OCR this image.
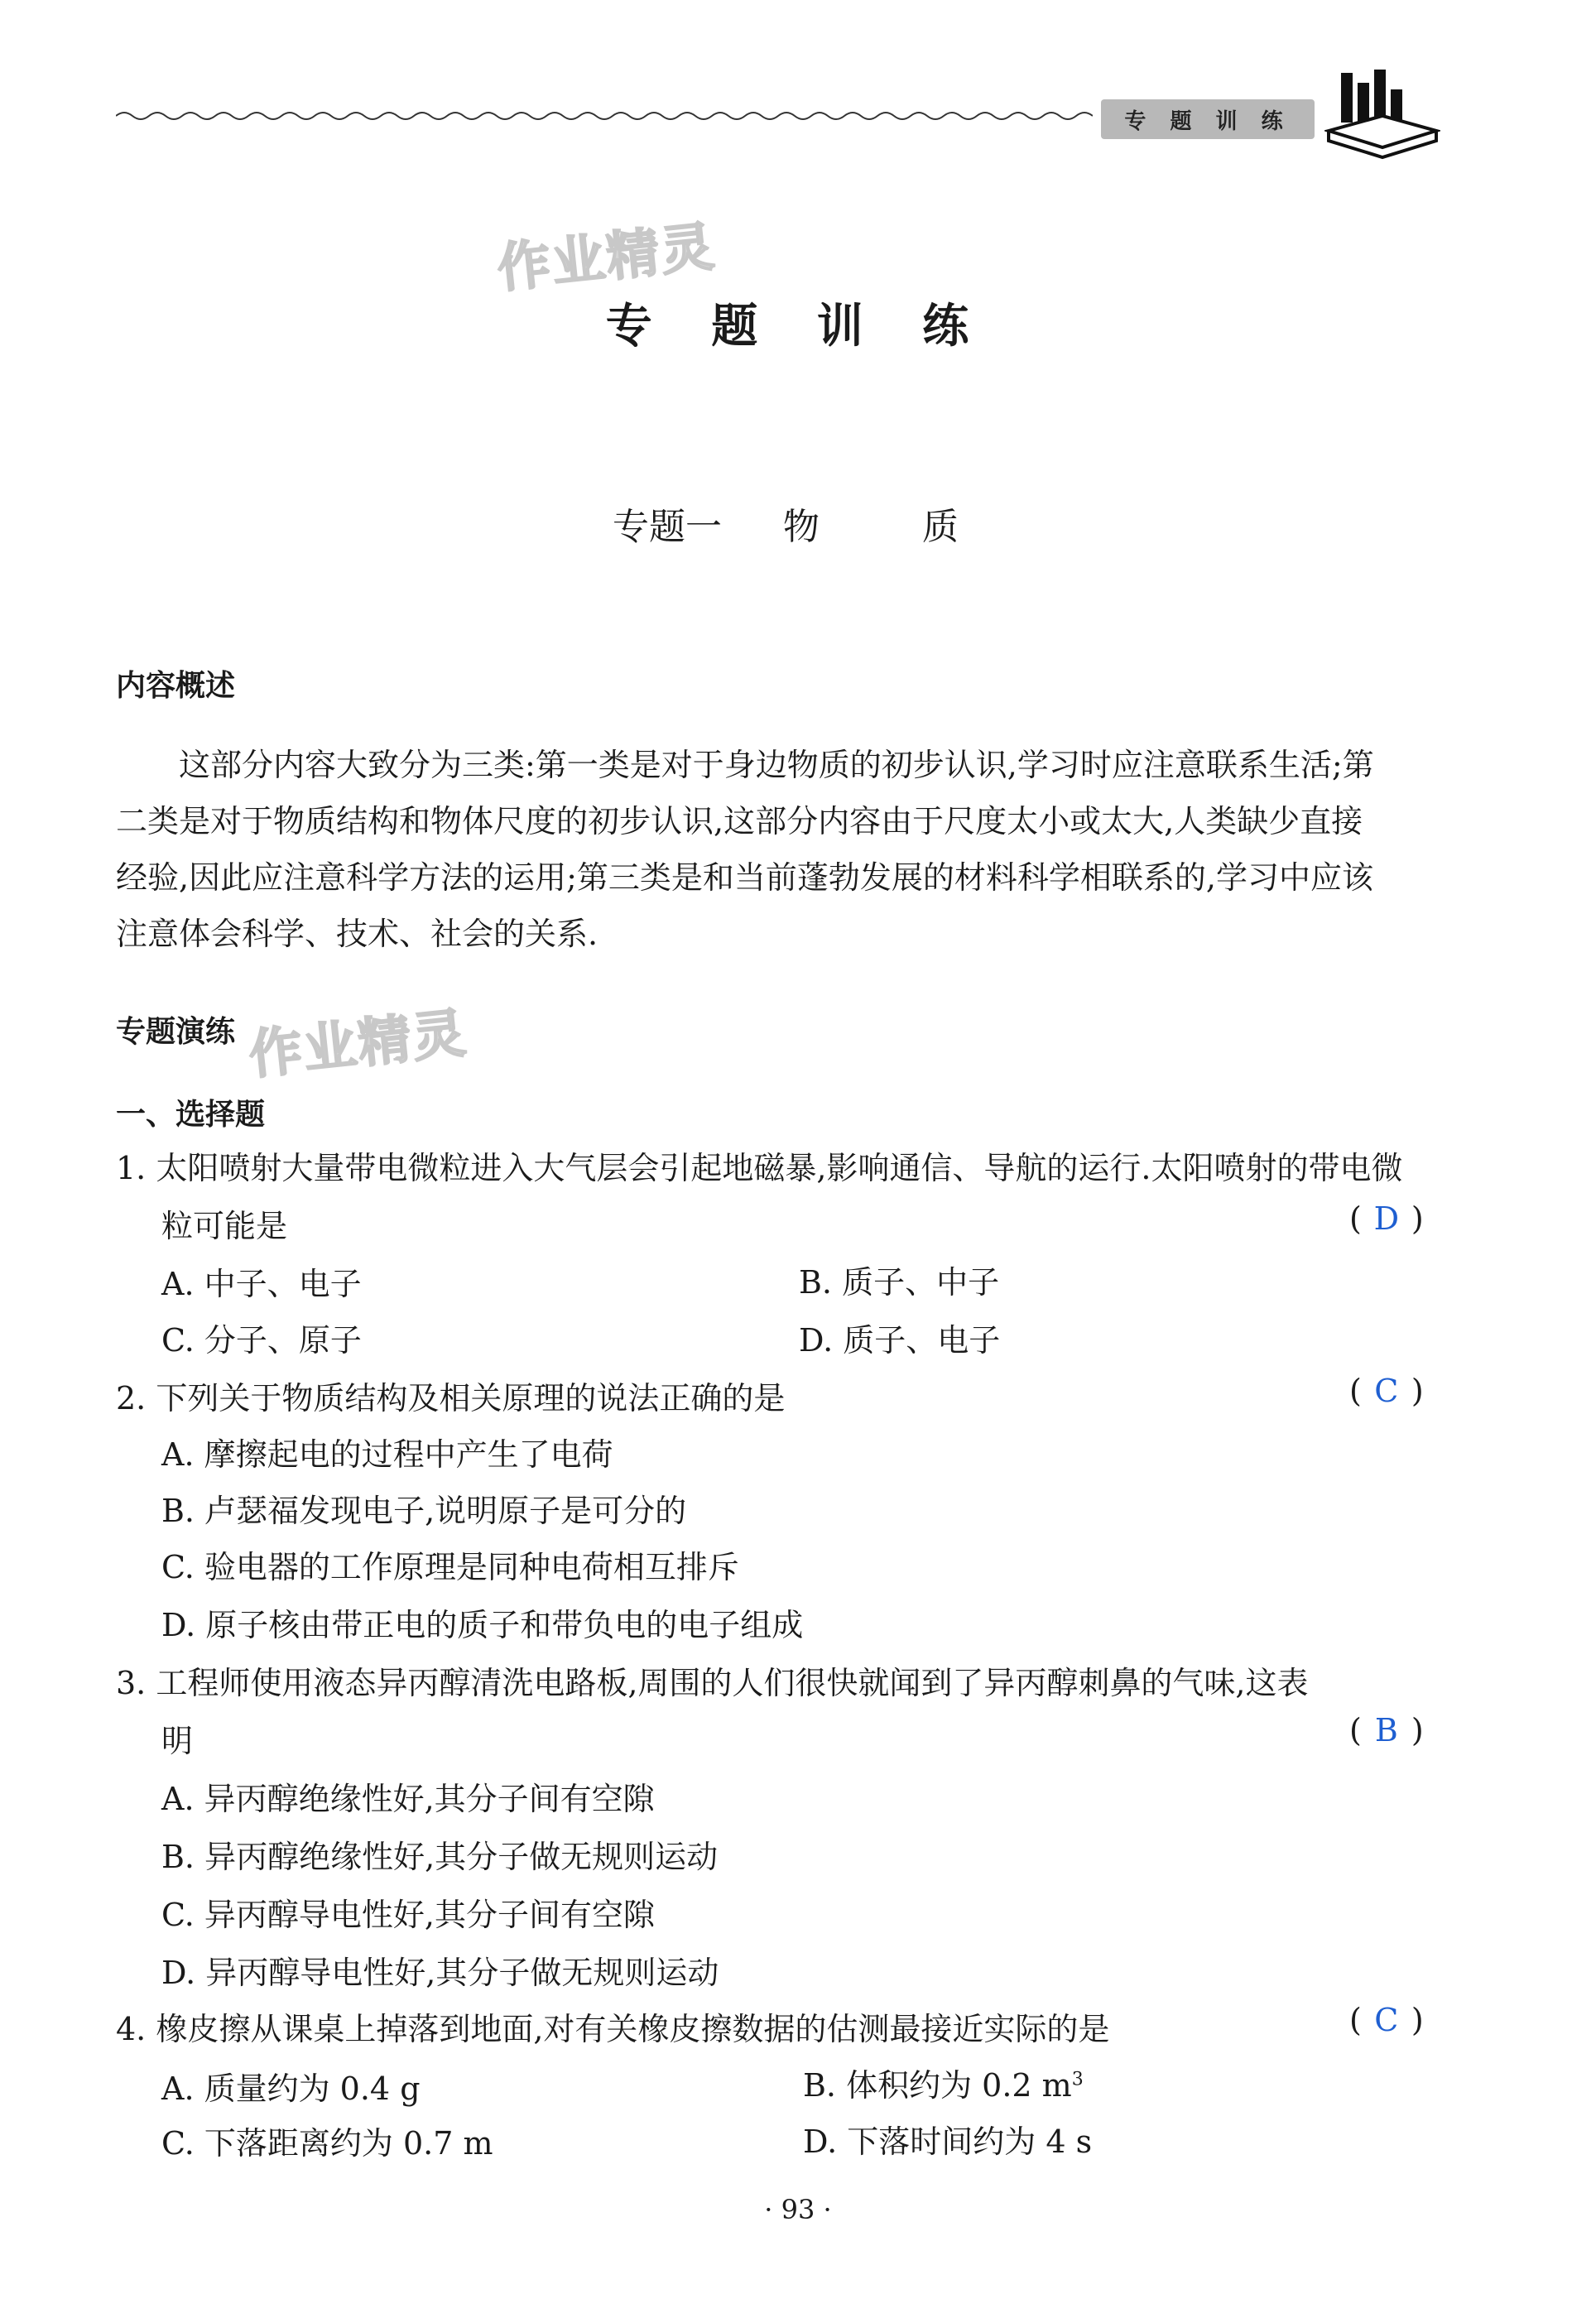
专 题 训 练
作业精灵
作业精灵
专 题 训 练
专题一 物	质
内容概述
这部分内容大致分为三类:第一类是对于身边物质的初步认识,学习时应注意联系生活;第
二类是对于物质结构和物体尺度的初步认识,这部分内容由于尺度太小或太大,人类缺少直接
经验,因此应注意科学方法的运用;第三类是和当前蓬勃发展的材料科学相联系的,学习中应该
注意体会科学、技术、社会的关系.
专题演练
一、选择题
1. 太阳喷射大量带电微粒进入大气层会引起地磁暴,影响通信、导航的运行.太阳喷射的带电微
粒可能是	( D )
A. 中子、电子	B. 质子、中子
C. 分子、原子	D. 质子、电子
2. 下列关于物质结构及相关原理的说法正确的是	( C )
A. 摩擦起电的过程中产生了电荷
B. 卢瑟福发现电子,说明原子是可分的
C. 验电器的工作原理是同种电荷相互排斥
D. 原子核由带正电的质子和带负电的电子组成
3. 工程师使用液态异丙醇清洗电路板,周围的人们很快就闻到了异丙醇刺鼻的气味,这表
明	( B )
A. 异丙醇绝缘性好,其分子间有空隙
B. 异丙醇绝缘性好,其分子做无规则运动
C. 异丙醇导电性好,其分子间有空隙
D. 异丙醇导电性好,其分子做无规则运动
4. 橡皮擦从课桌上掉落到地面,对有关橡皮擦数据的估测最接近实际的是	( C )
A. 质量约为 0.4 g	B. 体积约为 0.2 $m^3$
C. 下落距离约为 0.7 m	D. 下落时间约为 4 s
· 93 ·
